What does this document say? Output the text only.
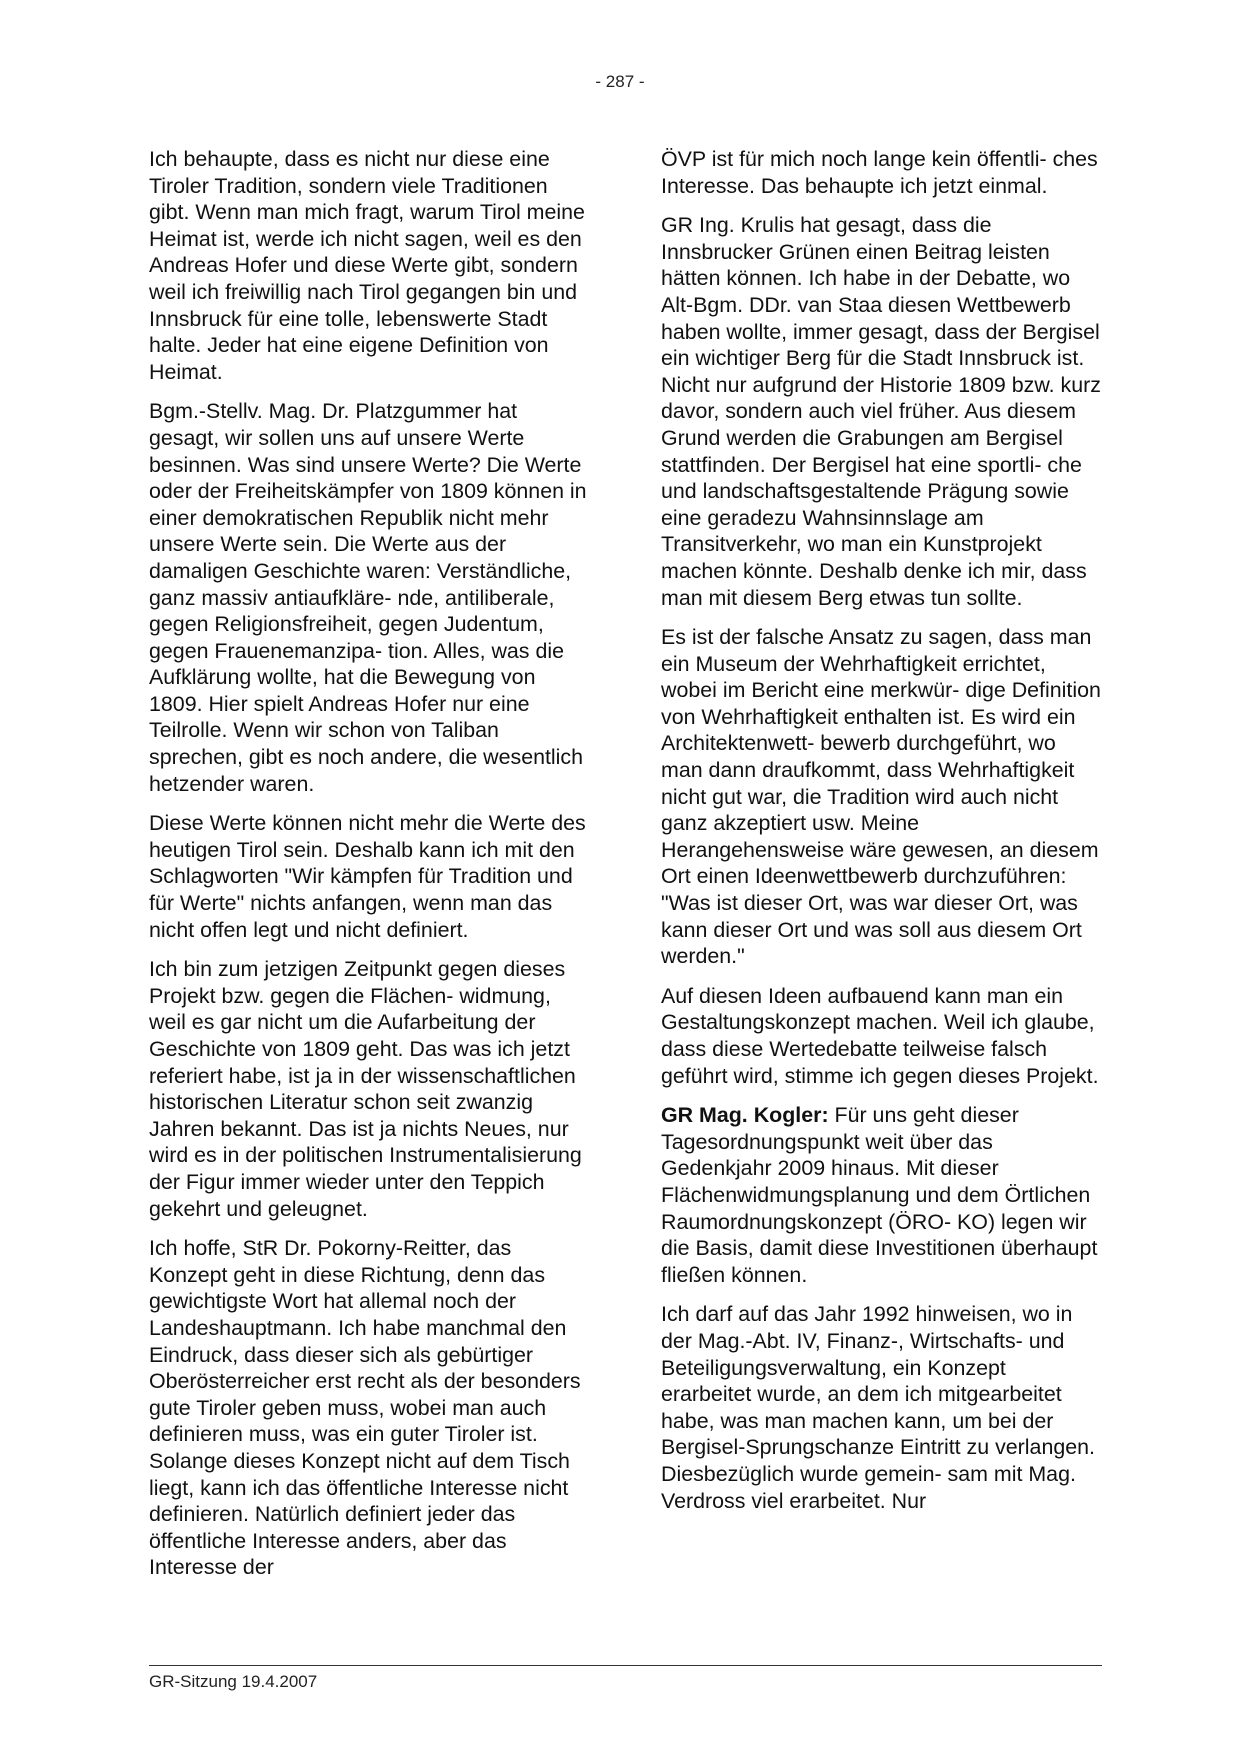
- 287 -

Ich behaupte, dass es nicht nur diese eine Tiroler Tradition, sondern viele Traditionen gibt. Wenn man mich fragt, warum Tirol meine Heimat ist, werde ich nicht sagen, weil es den Andreas Hofer und diese Werte gibt, sondern weil ich freiwillig nach Tirol gegangen bin und Innsbruck für eine tolle, lebenswerte Stadt halte. Jeder hat eine eigene Definition von Heimat.

Bgm.-Stellv. Mag. Dr. Platzgummer hat gesagt, wir sollen uns auf unsere Werte besinnen. Was sind unsere Werte? Die Werte oder der Freiheitskämpfer von 1809 können in einer demokratischen Republik nicht mehr unsere Werte sein. Die Werte aus der damaligen Geschichte waren: Verständliche, ganz massiv antiaufkläre- nde, antiliberale, gegen Religionsfreiheit, gegen Judentum, gegen Frauenemanzipa- tion. Alles, was die Aufklärung wollte, hat die Bewegung von 1809. Hier spielt Andreas Hofer nur eine Teilrolle. Wenn wir schon von Taliban sprechen, gibt es noch andere, die wesentlich hetzender waren.

Diese Werte können nicht mehr die Werte des heutigen Tirol sein. Deshalb kann ich mit den Schlagworten "Wir kämpfen für Tradition und für Werte" nichts anfangen, wenn man das nicht offen legt und nicht definiert.

Ich bin zum jetzigen Zeitpunkt gegen dieses Projekt bzw. gegen die Flächen- widmung, weil es gar nicht um die Aufarbeitung der Geschichte von 1809 geht. Das was ich jetzt referiert habe, ist ja in der wissenschaftlichen historischen Literatur schon seit zwanzig Jahren bekannt. Das ist ja nichts Neues, nur wird es in der politischen Instrumentalisierung der Figur immer wieder unter den Teppich gekehrt und geleugnet.

Ich hoffe, StR Dr. Pokorny-Reitter, das Konzept geht in diese Richtung, denn das gewichtigste Wort hat allemal noch der Landeshauptmann. Ich habe manchmal den Eindruck, dass dieser sich als gebürtiger Oberösterreicher erst recht als der besonders gute Tiroler geben muss, wobei man auch definieren muss, was ein guter Tiroler ist. Solange dieses Konzept nicht auf dem Tisch liegt, kann ich das öffentliche Interesse nicht definieren. Natürlich definiert jeder das öffentliche Interesse anders, aber das Interesse der

ÖVP ist für mich noch lange kein öffentli- ches Interesse. Das behaupte ich jetzt einmal.

GR Ing. Krulis hat gesagt, dass die Innsbrucker Grünen einen Beitrag leisten hätten können. Ich habe in der Debatte, wo Alt-Bgm. DDr. van Staa diesen Wettbewerb haben wollte, immer gesagt, dass der Bergisel ein wichtiger Berg für die Stadt Innsbruck ist. Nicht nur aufgrund der Historie 1809 bzw. kurz davor, sondern auch viel früher. Aus diesem Grund werden die Grabungen am Bergisel stattfinden. Der Bergisel hat eine sportli- che und landschaftsgestaltende Prägung sowie eine geradezu Wahnsinnslage am Transitverkehr, wo man ein Kunstprojekt machen könnte. Deshalb denke ich mir, dass man mit diesem Berg etwas tun sollte.

Es ist der falsche Ansatz zu sagen, dass man ein Museum der Wehrhaftigkeit errichtet, wobei im Bericht eine merkwür- dige Definition von Wehrhaftigkeit enthalten ist. Es wird ein Architektenwett- bewerb durchgeführt, wo man dann draufkommt, dass Wehrhaftigkeit nicht gut war, die Tradition wird auch nicht ganz akzeptiert usw. Meine Herangehensweise wäre gewesen, an diesem Ort einen Ideenwettbewerb durchzuführen: "Was ist dieser Ort, was war dieser Ort, was kann dieser Ort und was soll aus diesem Ort werden."

Auf diesen Ideen aufbauend kann man ein Gestaltungskonzept machen. Weil ich glaube, dass diese Wertedebatte teilweise falsch geführt wird, stimme ich gegen dieses Projekt.

GR Mag. Kogler: Für uns geht dieser Tagesordnungspunkt weit über das Gedenkjahr 2009 hinaus. Mit dieser Flächenwidmungsplanung und dem Örtlichen Raumordnungskonzept (ÖRO- KO) legen wir die Basis, damit diese Investitionen überhaupt fließen können.

Ich darf auf das Jahr 1992 hinweisen, wo in der Mag.-Abt. IV, Finanz-, Wirtschafts- und Beteiligungsverwaltung, ein Konzept erarbeitet wurde, an dem ich mitgearbeitet habe, was man machen kann, um bei der Bergisel-Sprungschanze Eintritt zu verlangen. Diesbezüglich wurde gemein- sam mit Mag. Verdross viel erarbeitet. Nur

GR-Sitzung 19.4.2007
